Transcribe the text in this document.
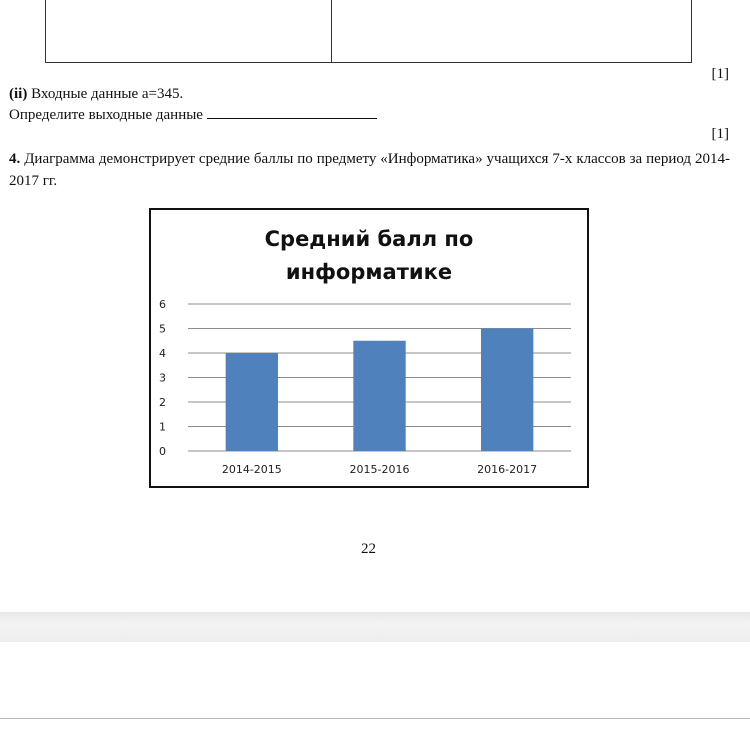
[1]
(ii) Входные данные а=345.
Определите выходные данные
[1]
4. Диаграмма демонстрирует средние баллы по предмету «Информатика» учащихся 7-х классов за период 2014-2017 гг.
Средний балл по
информатике
0
1
2
3
4
5
6
2014-2015	2015-2016	2016-2017
22
